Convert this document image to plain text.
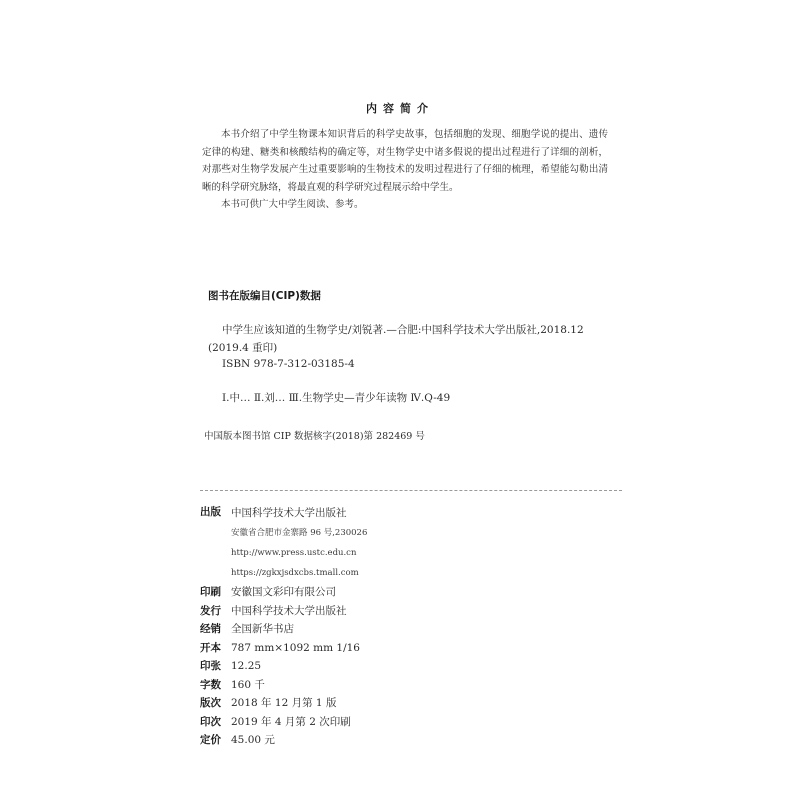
内容简介

本书介绍了中学生物课本知识背后的科学史故事，包括细胞的发现、细胞学说的提出、遗传定律的构建、糖类和核酸结构的确定等，对生物学史中诸多假说的提出过程进行了详细的剖析，对那些对生物学发展产生过重要影响的生物技术的发明过程进行了仔细的梳理，希望能勾勒出清晰的科学研究脉络，将最直观的科学研究过程展示给中学生。

本书可供广大中学生阅读、参考。

图书在版编目(CIP)数据
中学生应该知道的生物学史/刘锐著.—合肥:中国科学技术大学出版社,2018.12
(2019.4 重印)
ISBN 978-7-312-03185-4
Ⅰ.中… Ⅱ.刘… Ⅲ.生物学史—青少年读物 Ⅳ.Q-49
中国版本图书馆 CIP 数据核字(2018)第 282469 号
出版 中国科学技术大学出版社
安徽省合肥市金寨路 96 号,230026
http://www.press.ustc.edu.cn
https://zgkxjsdxcbs.tmall.com
印刷 安徽国文彩印有限公司
发行 中国科学技术大学出版社
经销 全国新华书店
开本 787 mm×1092 mm 1/16
印张 12.25
字数 160 千
版次 2018 年 12 月第 1 版
印次 2019 年 4 月第 2 次印刷
定价 45.00 元
